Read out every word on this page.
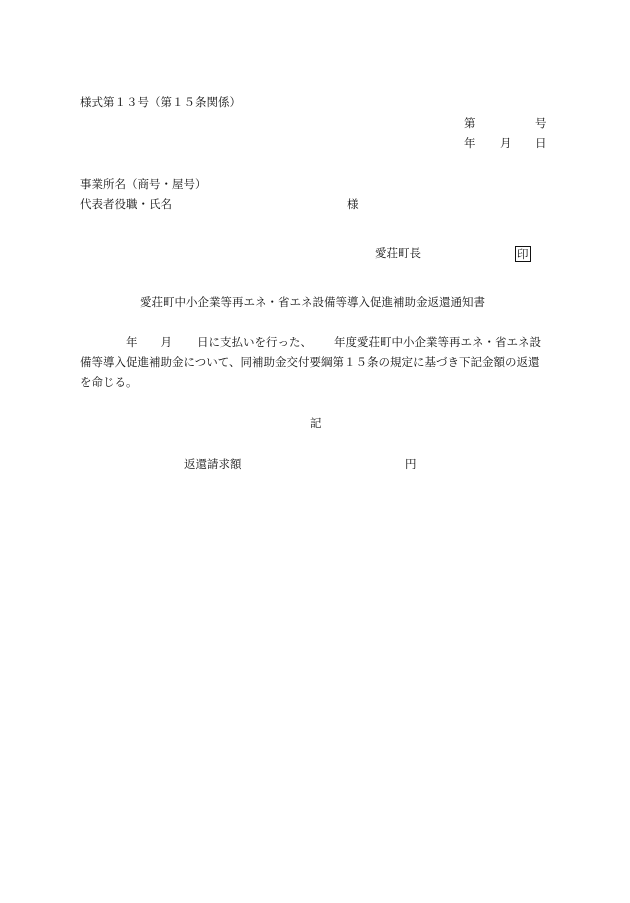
様式第１３号（第１５条関係）
第	号
年 月 日
事業所名（商号・屋号）
代表者役職・氏名	様
愛荘町長	印
愛荘町中小企業等再エネ・省エネ設備等導入促進補助金返還通知書
年 月 日に支払いを行った、 年度愛荘町中小企業等再エネ・省エネ設
備等導入促進補助金について、同補助金交付要綱第１５条の規定に基づき下記金額の返還
を命じる。
記
返還請求額	円
